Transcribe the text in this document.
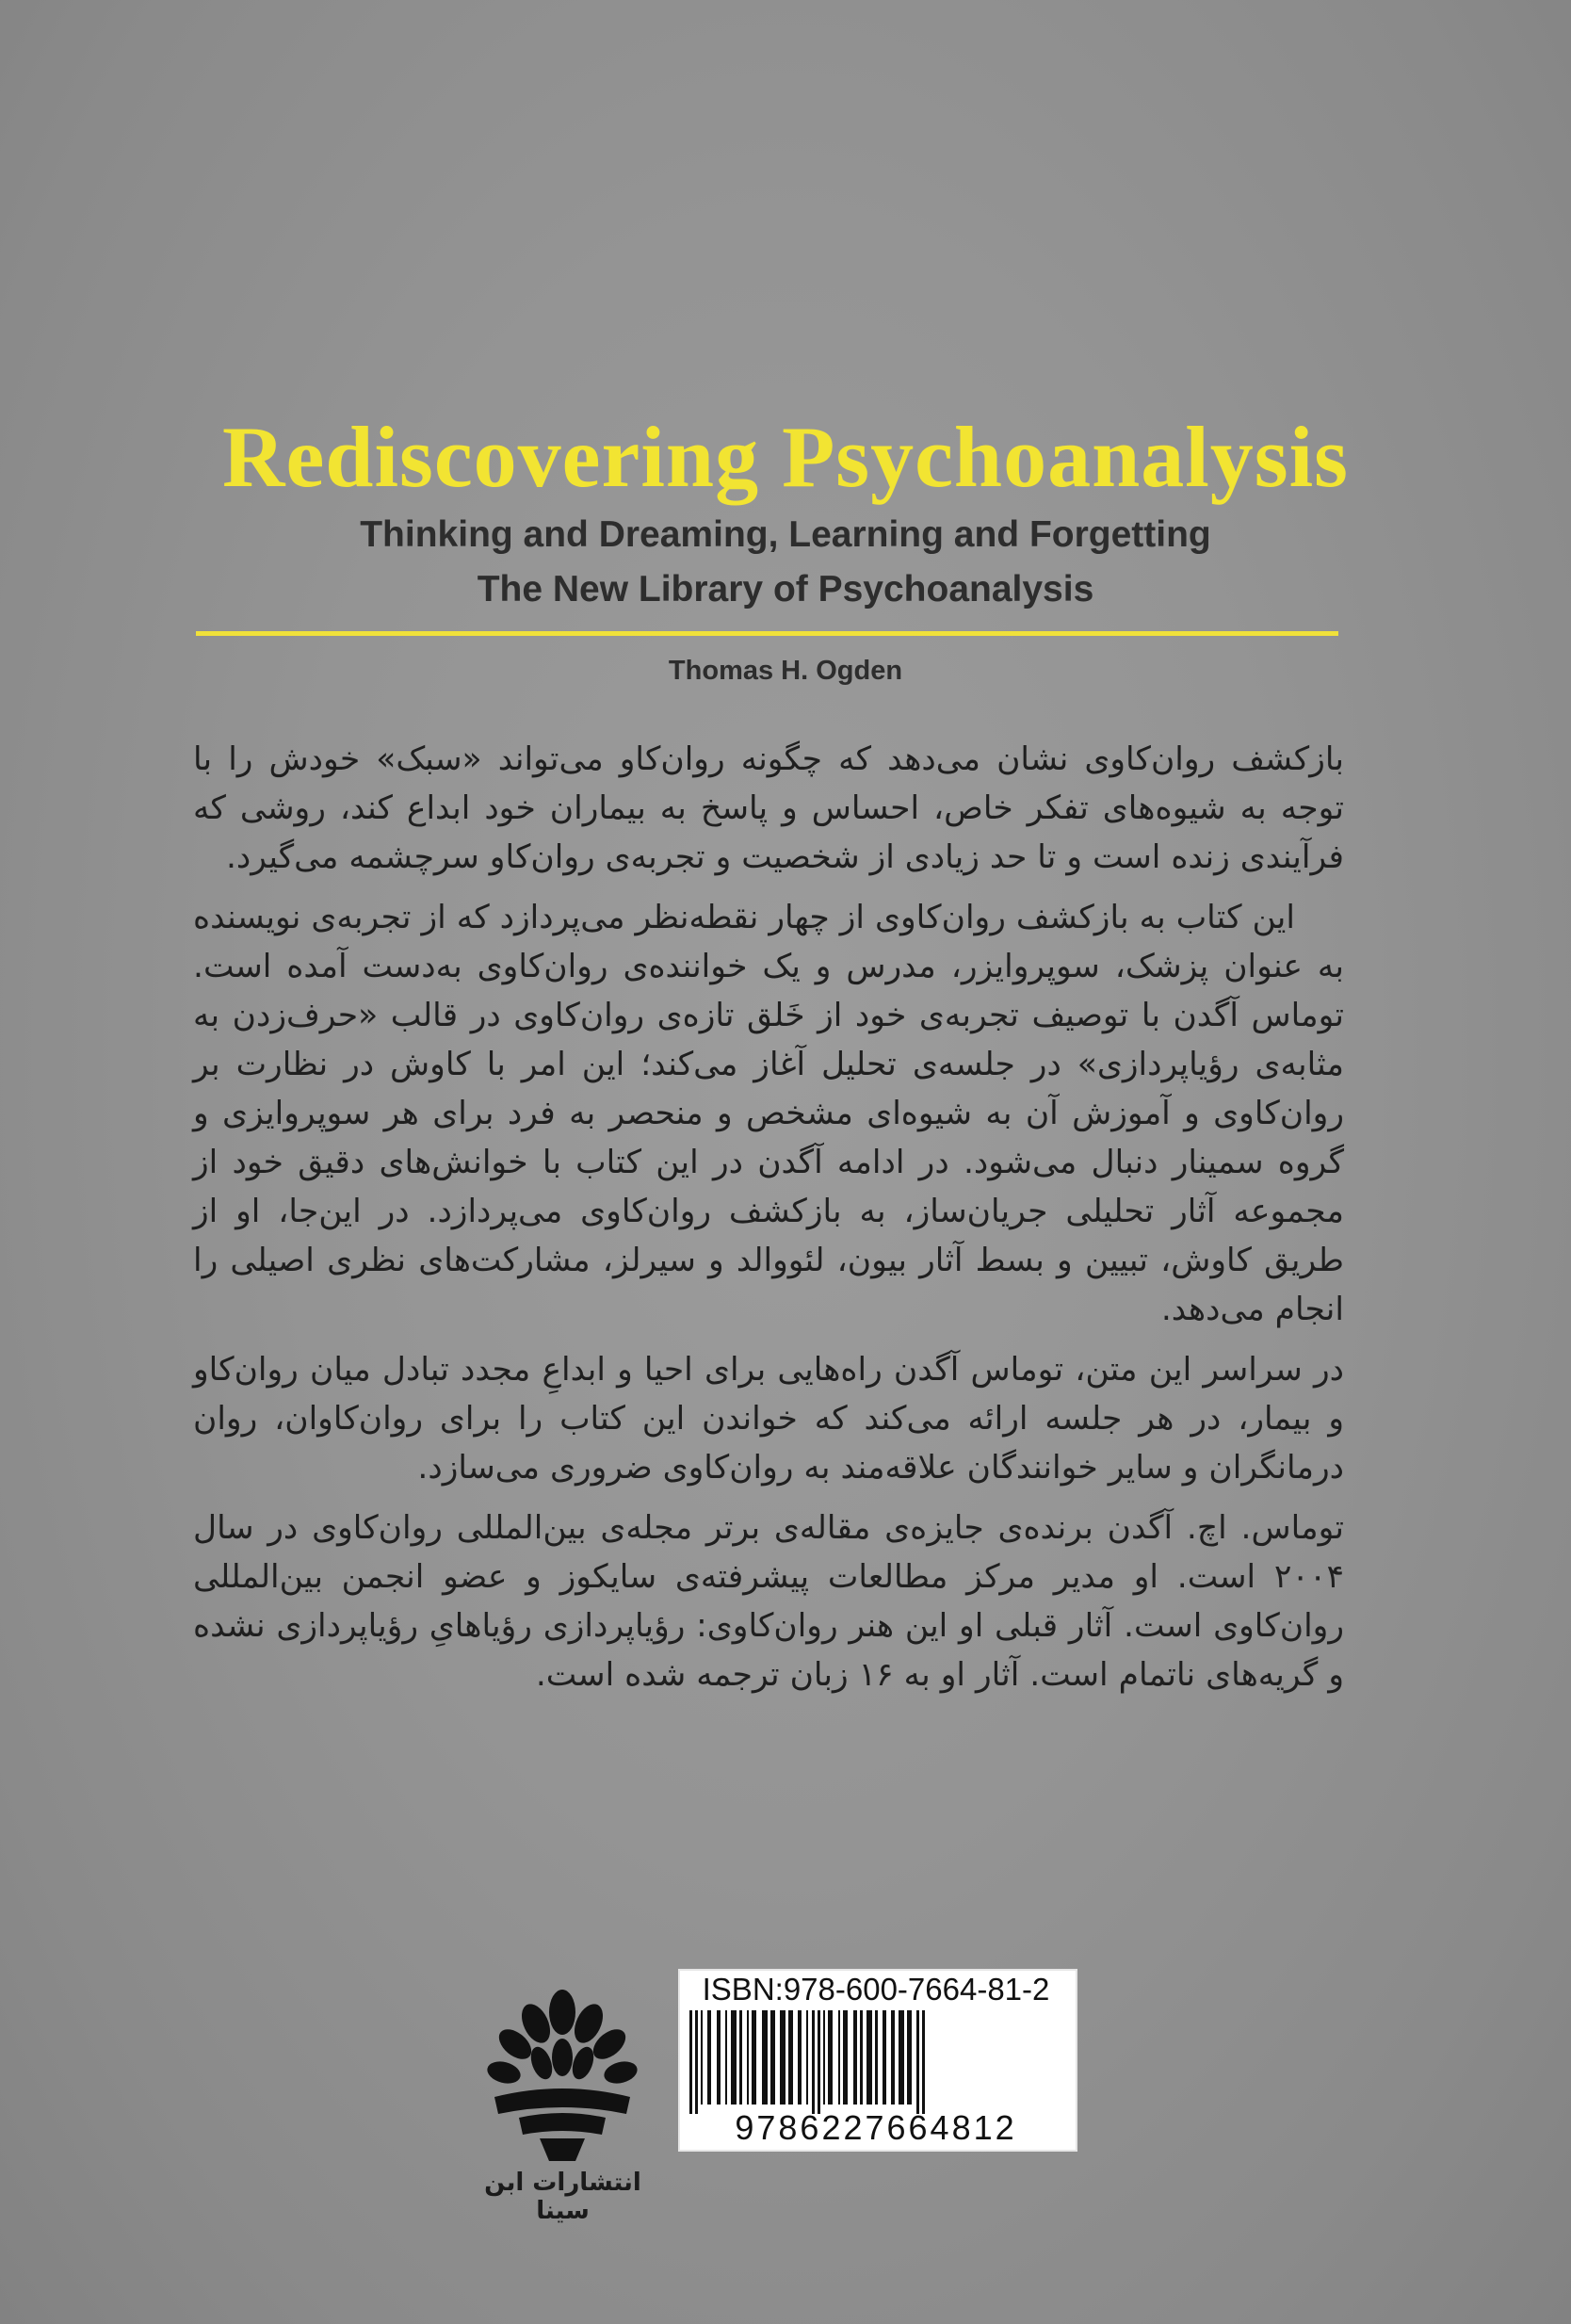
Rediscovering Psychoanalysis
Thinking and Dreaming, Learning and Forgetting
The New Library of Psychoanalysis
Thomas H. Ogden

بازکشف روان‌کاوی نشان می‌دهد که چگونه روان‌کاو می‌تواند «سبک» خودش را با توجه به شیوه‌های تفکر خاص، احساس و پاسخ به بیماران خود ابداع کند، روشی که فرآیندی زنده است و تا حد زیادی از شخصیت و تجربه‌ی روان‌کاو سرچشمه می‌گیرد.

این کتاب به بازکشف روان‌کاوی از چهار نقطه‌نظر می‌پردازد که از تجربه‌ی نویسنده به عنوان پزشک، سوپروایزر، مدرس و یک خواننده‌ی روان‌کاوی به‌دست آمده است. توماس آگدن با توصیف تجربه‌ی خود از خَلق تازه‌ی روان‌کاوی در قالب «حرف‌زدن به مثابه‌ی رؤیاپردازی» در جلسه‌ی تحلیل آغاز می‌کند؛ این امر با کاوش در نظارت بر روان‌کاوی و آموزش آن به شیوه‌ای مشخص و منحصر به فرد برای هر سوپروایزی و گروه سمینار دنبال می‌شود. در ادامه آگدن در این کتاب با خوانش‌های دقیق خود از مجموعه آثار تحلیلی جریان‌ساز، به بازکشف روان‌کاوی می‌پردازد. در این‌جا، او از طریق کاوش، تبیین و بسط آثار بیون، لئووالد و سیرلز، مشارکت‌های نظری اصیلی را انجام می‌دهد.

در سراسر این متن، توماس آگدن راه‌هایی برای احیا و ابداعِ مجدد تبادل میان روان‌کاو و بیمار، در هر جلسه ارائه می‌کند که خواندن این کتاب را برای روان‌کاوان، روان درمانگران و سایر خوانندگان علاقه‌مند به روان‌کاوی ضروری می‌سازد.

توماس. اچ. آگدن برنده‌ی جایزه‌ی مقاله‌ی برتر مجله‌ی بین‌المللی روان‌کاوی در سال ۲۰۰۴ است. او مدیر مرکز مطالعات پیشرفته‌ی سایکوز و عضو انجمن بین‌المللی روان‌کاوی است. آثار قبلی او این هنر روان‌کاوی: رؤیاپردازی رؤیاهایِ رؤیاپردازی نشده و گریه‌های ناتمام است. آثار او به ۱۶ زبان ترجمه شده است.

انتشارات ابن سینا
ISBN:978-600-7664-81-2
9786227664812
